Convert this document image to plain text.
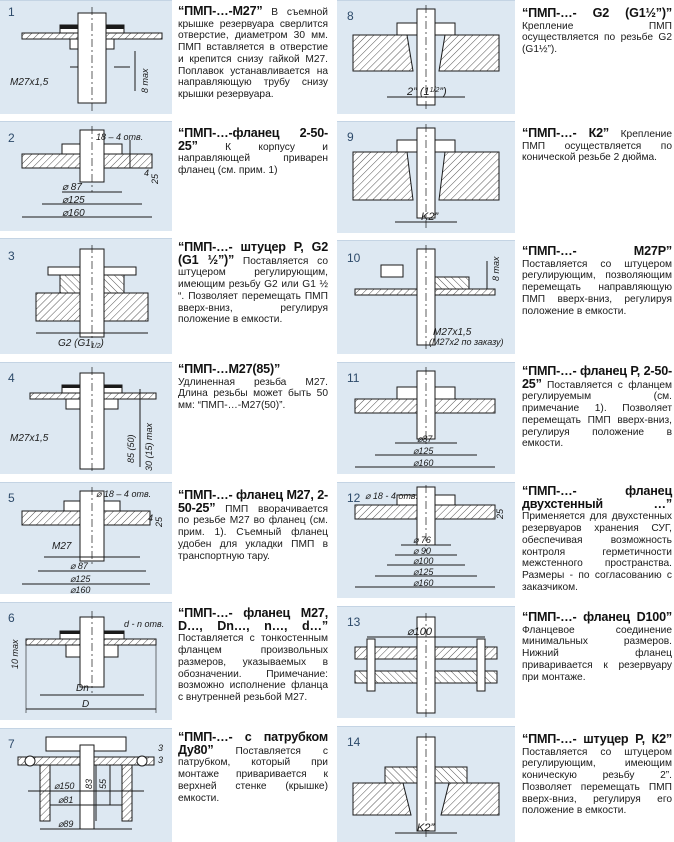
1
M27x1,5	8 max
“ПМП-…-М27” В съемной крышке резервуара сверлится отверстие, диаметром 30 мм. ПМП вставляется в отверстие и крепится снизу гайкой М27. Поплавок устанавливается на направляющую трубу снизу крышки резервуара.
2	18 – 4 отв.
⌀ 87
⌀125
⌀160
4
25
“ПМП-…-фланец 2-50-25” К корпусу и направляющей приварен фланец (см. прим. 1)
3
G2 $(G1_{1/2})$
“ПМП-…- штуцер Р, G2 (G1 ½”)” Поставляется со штуцером регулирующим, имеющим резьбу G2 или G1 ½ “. Позволяет перемещать ПМП вверх-вниз, регулируя положение в емкости.
4
M27x1,5	85 (50) 30 (15) max
“ПМП-…М27(85)” Удлиненная резьба М27. Длина резьбы может быть 50 мм: “ПМП-…-М27(50)”.
5	⌀ 18 – 4 отв.
M27
⌀ 87
⌀125
⌀160
4 25
“ПМП-…- фланец М27, 2-50-25” ПМП вворачивается по резьбе М27 во фланец (см. прим. 1). Съемный фланец удобен для укладки ПМП в транспортную тару.
6	d - n отв.
Dn
D
10 max
“ПМП-…- фланец М27, D…, Dn…, n…, d…” Поставляется с тонкостенным фланцем произвольных размеров, указываемых в обозначении. Примечание: возможно исполнение фланца с внутренней резьбой М27.
7
⌀150
⌀81
⌀89
83 55
3
3
“ПМП-…- с патрубком Ду80” Поставляется с патрубком, который при монтаже приваривается к верхней стенке (крышке) емкости.
8
2” $(1^{1/2}”)$
“ПМП-…- G2 (G1½”)” Крепление ПМП осуществляется по резьбе G2 (G1½”).
9
K2”
“ПМП-…- К2” Крепление ПМП осуществляется по конической резьбе 2 дюйма.
10
M27x1,5
(M27x2 по заказу)
8 max
“ПМП-…- М27Р” Поставляется со штуцером регулирующим, позволяющим перемещать направляющую ПМП вверх-вниз, регулируя положение в емкости.
11
⌀87
⌀125
⌀160
“ПМП-…- фланец Р, 2-50-25” Поставляется с фланцем регулируемым (см. примечание 1). Позволяет перемещать ПМП вверх-вниз, регулируя положение в емкости.
12 ⌀ 18 - 4 отв.
⌀ 76
⌀ 90
⌀100
⌀125
⌀160
25
“ПМП-…- фланец двухстенный …” Применяется для двухстенных резервуаров хранения СУГ, обеспечивая возможность контроля герметичности межстенного пространства. Размеры - по согласованию с заказчиком.
13
⌀100
“ПМП-…- фланец D100” Фланцевое соединение минимальных размеров. Нижний фланец приваривается к резервуару при монтаже.
14
K2”
“ПМП-…- штуцер Р, К2” Поставляется со штуцером регулирующим, имеющим коническую резьбу 2”. Позволяет перемещать ПМП вверх-вниз, регулируя его положение в емкости.
